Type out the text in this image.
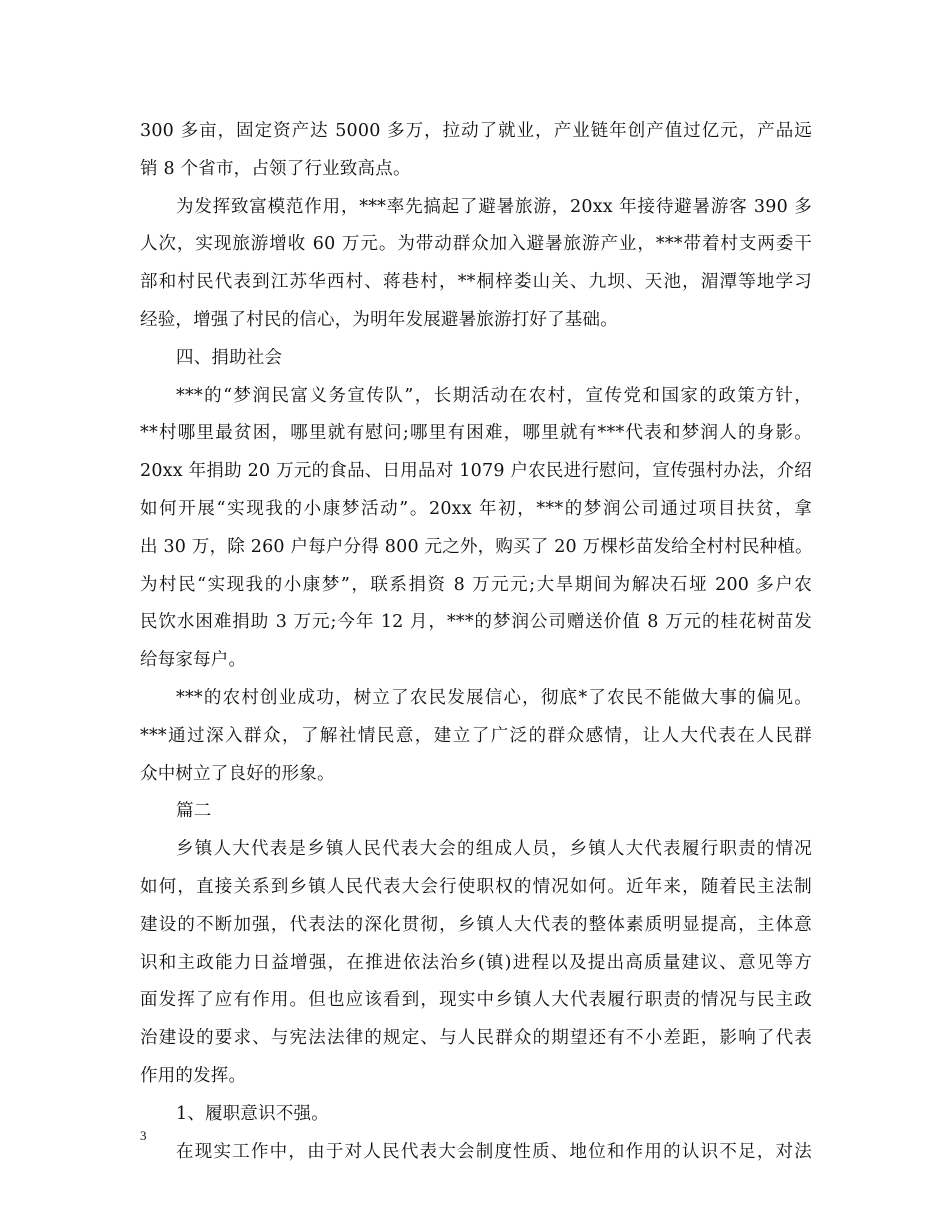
300 多亩，固定资产达 5000 多万，拉动了就业，产业链年创产值过亿元，产品远
销 8 个省市，占领了行业致高点。
为发挥致富模范作用，***率先搞起了避暑旅游，20xx 年接待避暑游客 390 多
人次，实现旅游增收 60 万元。为带动群众加入避暑旅游产业，***带着村支两委干
部和村民代表到江苏华西村、蒋巷村，**桐梓娄山关、九坝、天池，湄潭等地学习
经验，增强了村民的信心，为明年发展避暑旅游打好了基础。
四、捐助社会
***的“梦润民富义务宣传队”，长期活动在农村，宣传党和国家的政策方针，
**村哪里最贫困，哪里就有慰问;哪里有困难，哪里就有***代表和梦润人的身影。
20xx 年捐助 20 万元的食品、日用品对 1079 户农民进行慰问，宣传强村办法，介绍
如何开展“实现我的小康梦活动”。20xx 年初，***的梦润公司通过项目扶贫，拿
出 30 万，除 260 户每户分得 800 元之外，购买了 20 万棵杉苗发给全村村民种植。
为村民“实现我的小康梦”，联系捐资 8 万元元;大旱期间为解决石垭 200 多户农
民饮水困难捐助 3 万元;今年 12 月，***的梦润公司赠送价值 8 万元的桂花树苗发
给每家每户。
***的农村创业成功，树立了农民发展信心，彻底*了农民不能做大事的偏见。
***通过深入群众，了解社情民意，建立了广泛的群众感情，让人大代表在人民群
众中树立了良好的形象。
篇二
乡镇人大代表是乡镇人民代表大会的组成人员，乡镇人大代表履行职责的情况
如何，直接关系到乡镇人民代表大会行使职权的情况如何。近年来，随着民主法制
建设的不断加强，代表法的深化贯彻，乡镇人大代表的整体素质明显提高，主体意
识和主政能力日益增强，在推进依法治乡(镇)进程以及提出高质量建议、意见等方
面发挥了应有作用。但也应该看到，现实中乡镇人大代表履行职责的情况与民主政
治建设的要求、与宪法法律的规定、与人民群众的期望还有不小差距，影响了代表
作用的发挥。
1、履职意识不强。
在现实工作中，由于对人民代表大会制度性质、地位和作用的认识不足，对法
3
